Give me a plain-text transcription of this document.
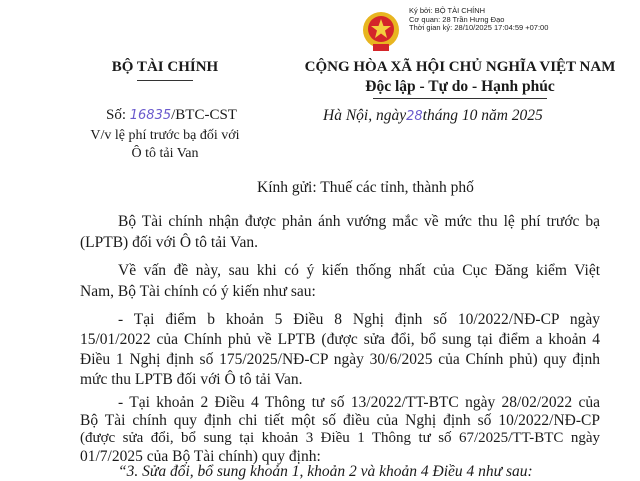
Ký bởi: BỘ TÀI CHÍNH
Cơ quan: 28 Trần Hưng Đạo
Thời gian ký: 28/10/2025 17:04:59 +07:00
BỘ TÀI CHÍNH	CỘNG HÒA XÃ HỘI CHỦ NGHĨA VIỆT NAM
Độc lập - Tự do - Hạnh phúc
Số: 16835/BTC-CST
V/v lệ phí trước bạ đối với
Ô tô tải Van
Hà Nội, ngày28tháng 10 năm 2025
Kính gửi: Thuế các tỉnh, thành phố
Bộ Tài chính nhận được phản ánh vướng mắc về mức thu lệ phí trước bạ
(LPTB) đối với Ô tô tải Van.
Về vấn đề này, sau khi có ý kiến thống nhất của Cục Đăng kiểm Việt
Nam, Bộ Tài chính có ý kiến như sau:
- Tại điểm b khoản 5 Điều 8 Nghị định số 10/2022/NĐ-CP ngày
15/01/2022 của Chính phủ về LPTB (được sửa đổi, bổ sung tại điểm a khoản 4
Điều 1 Nghị định số 175/2025/NĐ-CP ngày 30/6/2025 của Chính phủ) quy định
mức thu LPTB đối với Ô tô tải Van.
- Tại khoản 2 Điều 4 Thông tư số 13/2022/TT-BTC ngày 28/02/2022 của
Bộ Tài chính quy định chi tiết một số điều của Nghị định số 10/2022/NĐ-CP
(được sửa đổi, bổ sung tại khoản 3 Điều 1 Thông tư số 67/2025/TT-BTC ngày
01/7/2025 của Bộ Tài chính) quy định:
“3. Sửa đổi, bổ sung khoản 1, khoản 2 và khoản 4 Điều 4 như sau:
